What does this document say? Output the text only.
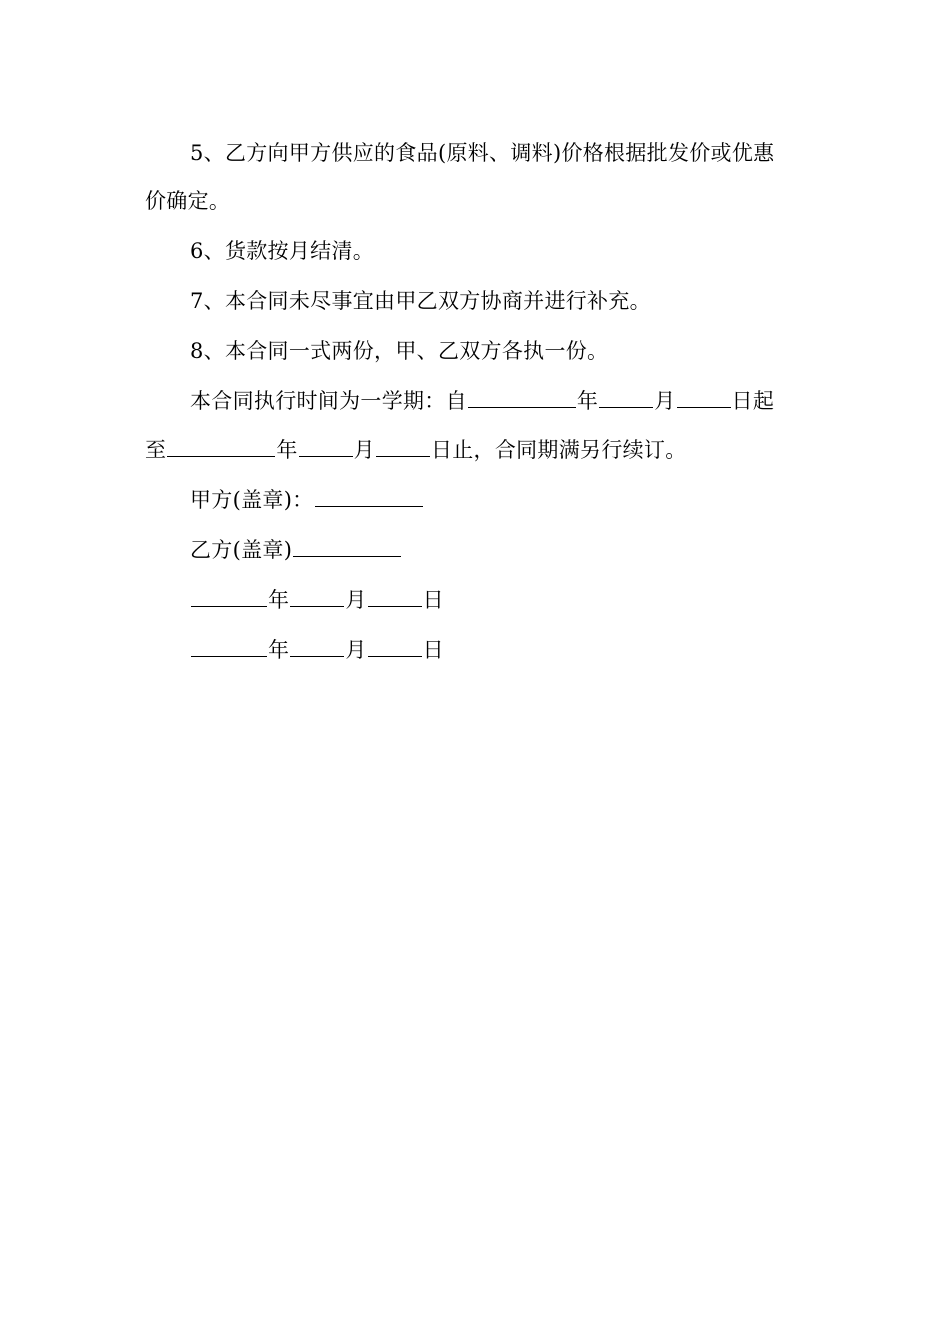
5、乙方向甲方供应的食品(原料、调料)价格根据批发价或优惠
价确定。
6、货款按月结清。
7、本合同未尽事宜由甲乙双方协商并进行补充。
8、本合同一式两份，甲、乙双方各执一份。
本合同执行时间为一学期：自	年	月	日起
至	年	月	日止，合同期满另行续订。
甲方(盖章)：
乙方(盖章)
年	月	日
年	月	日
